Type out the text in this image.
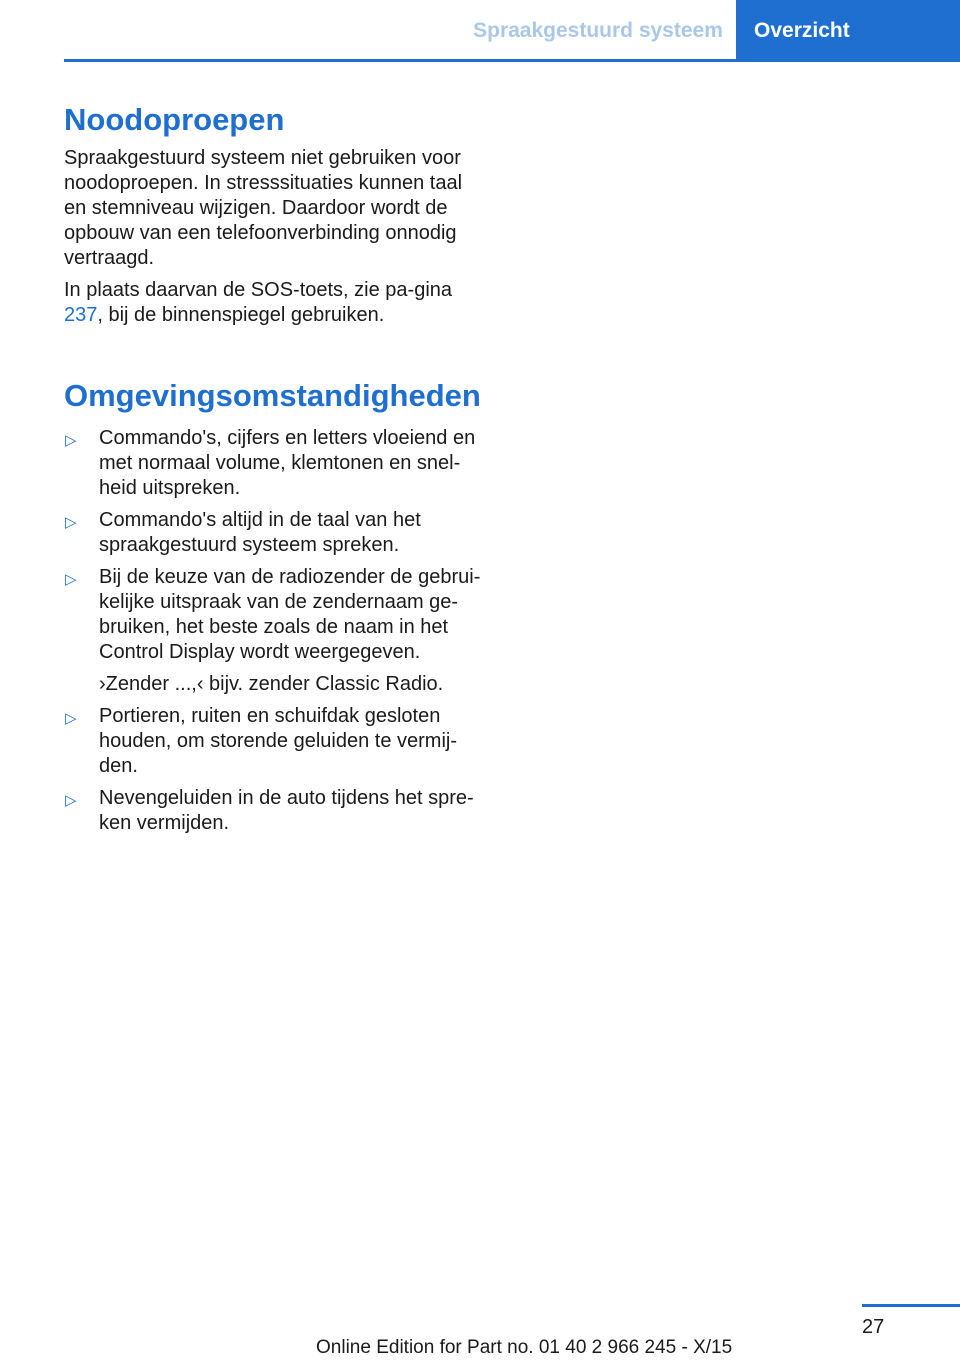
Spraakgestuurd systeem	Overzicht
Noodoproepen

Spraakgestuurd systeem niet gebruiken voor noodoproepen. In stresssituaties kunnen taal en stemniveau wijzigen. Daardoor wordt de opbouw van een telefoonverbinding onnodig vertraagd.

In plaats daarvan de SOS-toets, zie pa-gina 237, bij de binnenspiegel gebruiken.

Omgevingsomstandigheden
▷ Commando's, cijfers en letters vloeiend en met normaal volume, klemtonen en snel-heid uitspreken.

▷ Commando's altijd in de taal van het spraakgestuurd systeem spreken.

▷ Bij de keuze van de radiozender de gebrui-kelijke uitspraak van de zendernaam ge-bruiken, het beste zoals de naam in het Control Display wordt weergegeven.

›Zender ...,‹ bijv. zender Classic Radio.

▷ Portieren, ruiten en schuifdak gesloten houden, om storende geluiden te vermij-den.

▷ Nevengeluiden in de auto tijdens het spre-ken vermijden.

27
Online Edition for Part no. 01 40 2 966 245 - X/15
